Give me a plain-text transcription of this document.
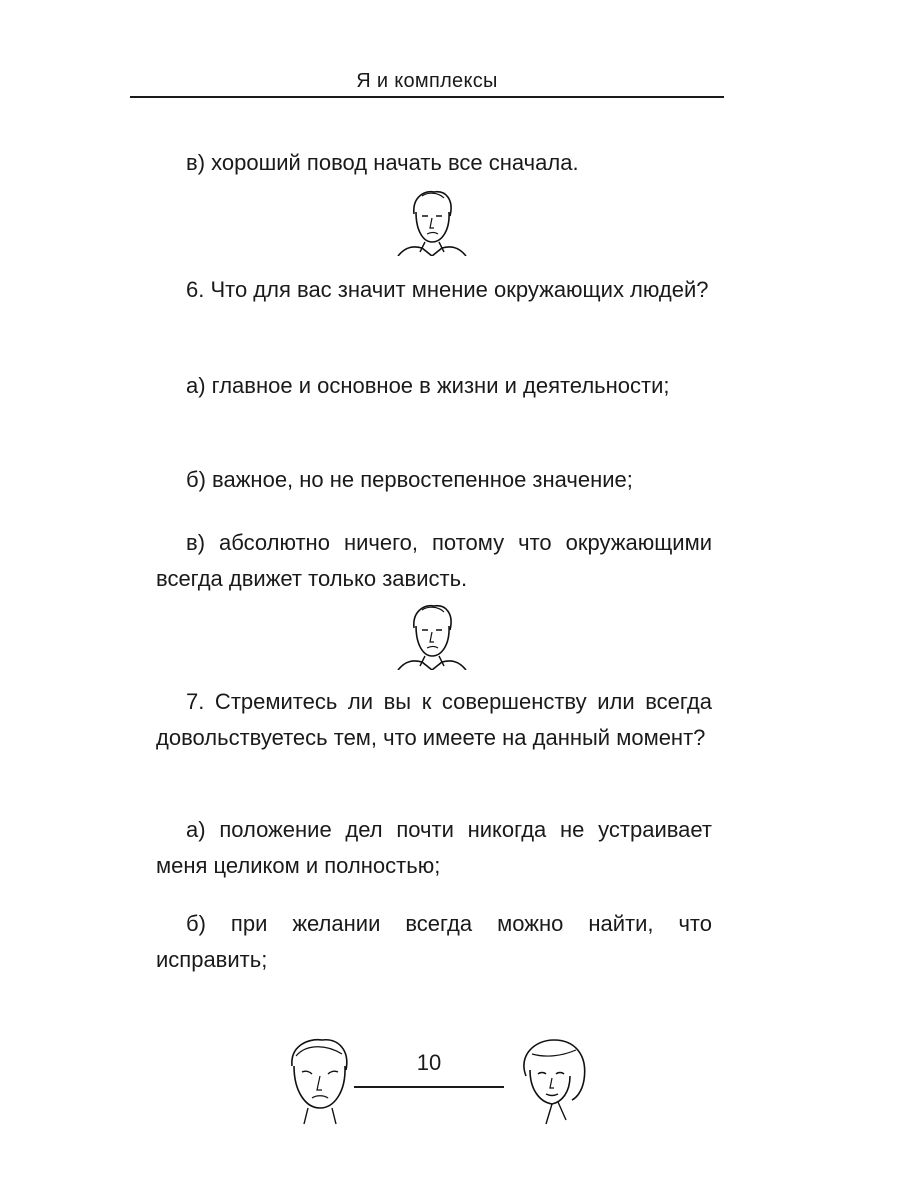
Я и комплексы

в) хороший повод начать все сначала.

6. Что для вас значит мнение окружающих людей?

а) главное и основное в жизни и деятельности;

б) важное, но не первостепенное значение;

в) абсолютно ничего, потому что окружающими всегда движет только зависть.

7. Стремитесь ли вы к совершенству или всегда довольствуетесь тем, что имеете на данный момент?

а) положение дел почти никогда не устраивает меня целиком и полностью;

б) при желании всегда можно найти, что исправить;

10
